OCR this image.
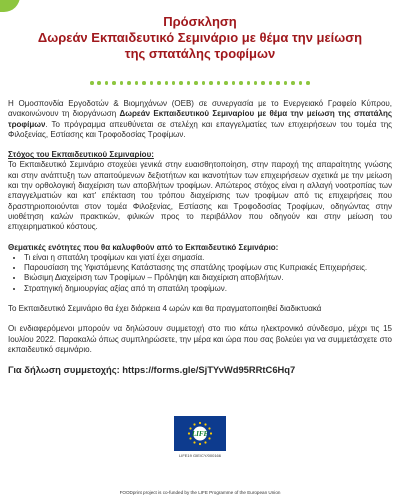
Πρόσκληση

Δωρεάν Εκπαιδευτικό Σεμινάριο με θέμα την μείωση

της σπατάλης τροφίμων

Η Ομοσπονδία Εργοδοτών & Βιομηχάνων (ΟΕΒ) σε συνεργασία με το Ενεργειακό Γραφείο Κύπρου, ανακοινώνουν τη διοργάνωση Δωρεάν Εκπαιδευτικού Σεμιναρίου με θέμα την μείωση της σπατάλης τροφίμων. Το πρόγραμμα απευθύνεται σε στελέχη και επαγγελματίες των επιχειρήσεων του τομέα της Φιλοξενίας, Εστίασης και Τροφοδοσίας Τροφίμων.

Στόχος του Εκπαιδευτικού Σεμιναρίου:

Το Εκπαιδευτικό Σεμινάριο στοχεύει γενικά στην ευαισθητοποίηση, στην παροχή της απαραίτητης γνώσης και στην ανάπτυξη των απαιτούμενων δεξιοτήτων και ικανοτήτων των επιχειρήσεων σχετικά με την μείωση και την ορθολογική διαχείριση των αποβλήτων τροφίμων. Απώτερος στόχος είναι η αλλαγή νοοτροπίας των επαγγελματιών και κατ' επέκταση του τρόπου διαχείρισης των τροφίμων από τις επιχειρήσεις που δραστηριοποιούνται στον τομέα Φιλοξενίας, Εστίασης και Τροφοδοσίας Τροφίμων, οδηγώντας στην υιοθέτηση καλών πρακτικών, φιλικών προς το περιβάλλον που οδηγούν και στην μείωση του επιχειρηματικού κόστους.

Θεματικές ενότητες που θα καλυφθούν από το Εκπαιδευτικό Σεμινάριο:

• Τι είναι η σπατάλη τροφίμων και γιατί έχει σημασία.
• Παρουσίαση της Υφιστάμενης Κατάστασης της σπατάλης τροφίμων στις Κυπριακές Επιχειρήσεις.
• Βιώσιμη Διαχείριση των Τροφίμων – Πρόληψη και διαχείριση αποβλήτων.
• Στρατηγική δημιουργίας αξίας από τη σπατάλη τροφίμων.

Το Εκπαιδευτικό Σεμινάριο θα έχει διάρκεια 4 ωρών και θα πραγματοποιηθεί διαδικτυακά

Οι ενδιαφερόμενοι μπορούν να δηλώσουν συμμετοχή στο πιο κάτω ηλεκτρονικό σύνδεσμο, μέχρι τις 15 Ιουλίου 2022. Παρακαλώ όπως συμπληρώσετε, την μέρα και ώρα που σας βολεύει για να συμμετάσχετε στο εκπαιδευτικό σεμινάριο.

Για δήλωση συμμετοχής: https://forms.gle/SjTYvWd95RRtC6Hq7

LIFE
LIFE19 GIE/CY/000166
FOODprint project is co-funded by the LIFE Programme of the European Union
